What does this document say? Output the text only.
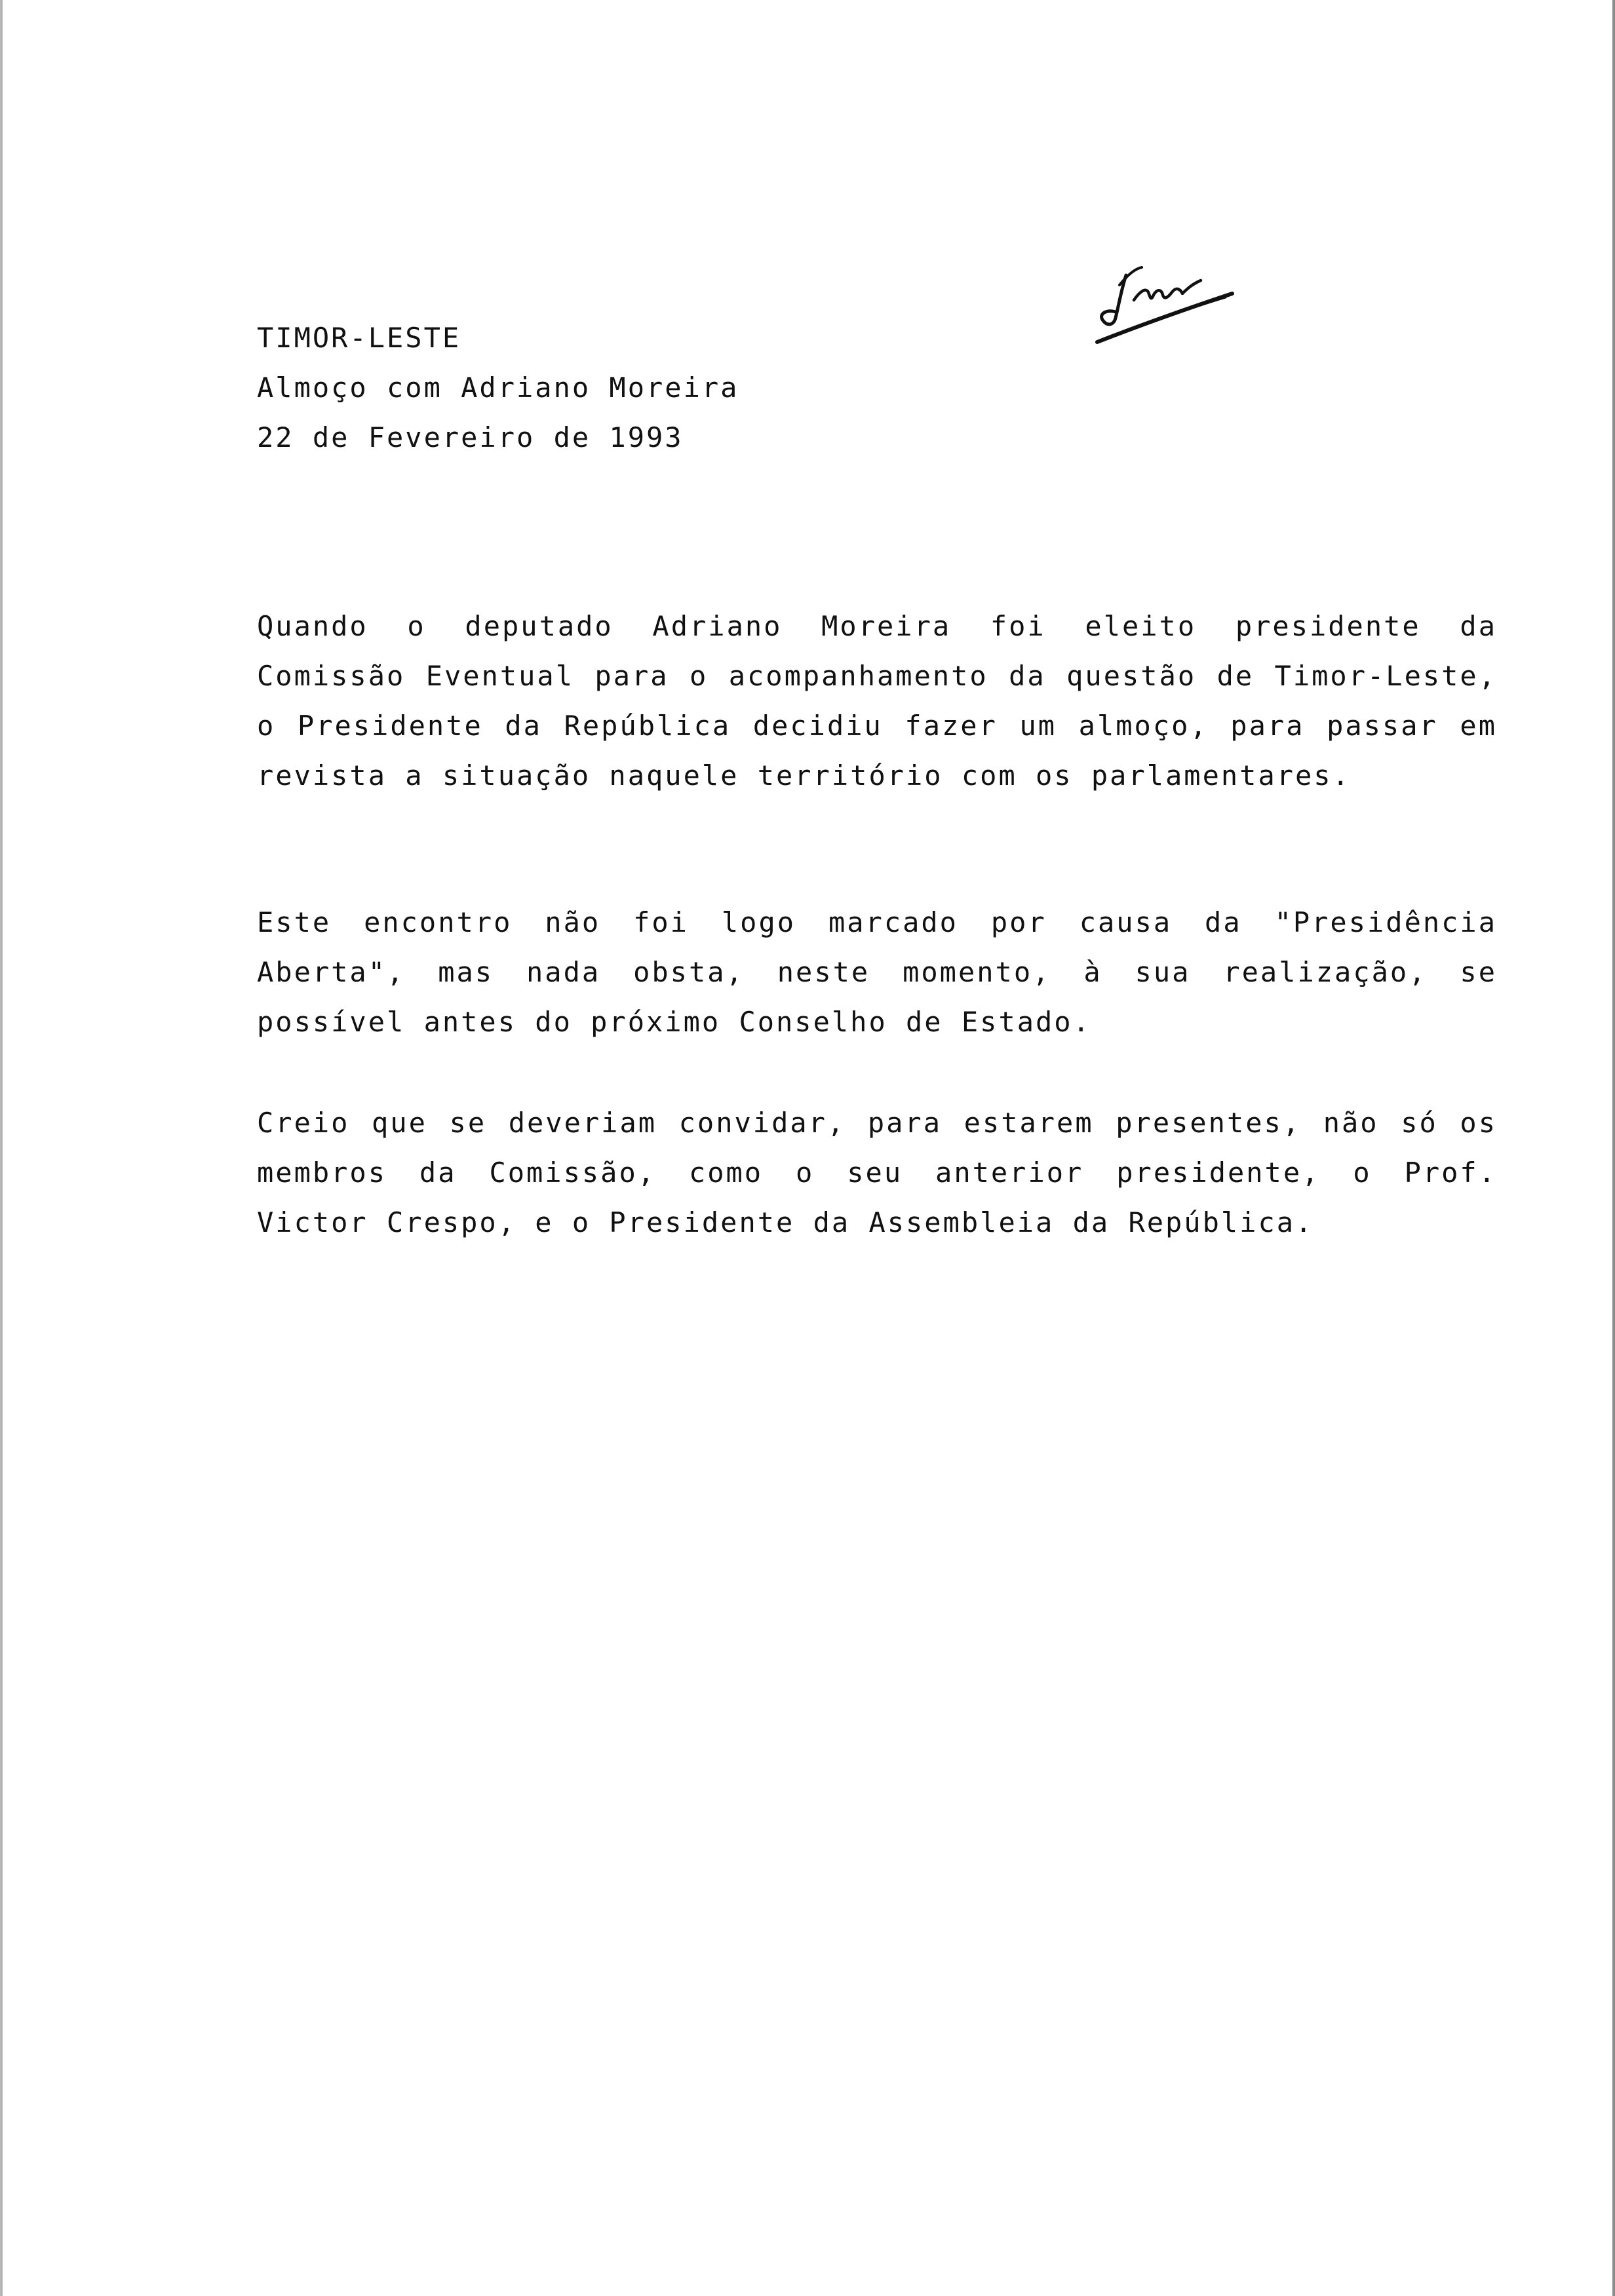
TIMOR-LESTE
Almoço com Adriano Moreira
22 de Fevereiro de 1993

Quando o deputado Adriano Moreira foi eleito presidente da Comissão Eventual para o acompanhamento da questão de Timor-Leste, o Presidente da República decidiu fazer um almoço, para passar em revista a situação naquele território com os parlamentares.

Este encontro não foi logo marcado por causa da "Presidência Aberta", mas nada obsta, neste momento, à sua realização, se possível antes do próximo Conselho de Estado.

Creio que se deveriam convidar, para estarem presentes, não só os membros da Comissão, como o seu anterior presidente, o Prof. Victor Crespo, e o Presidente da Assembleia da República.
